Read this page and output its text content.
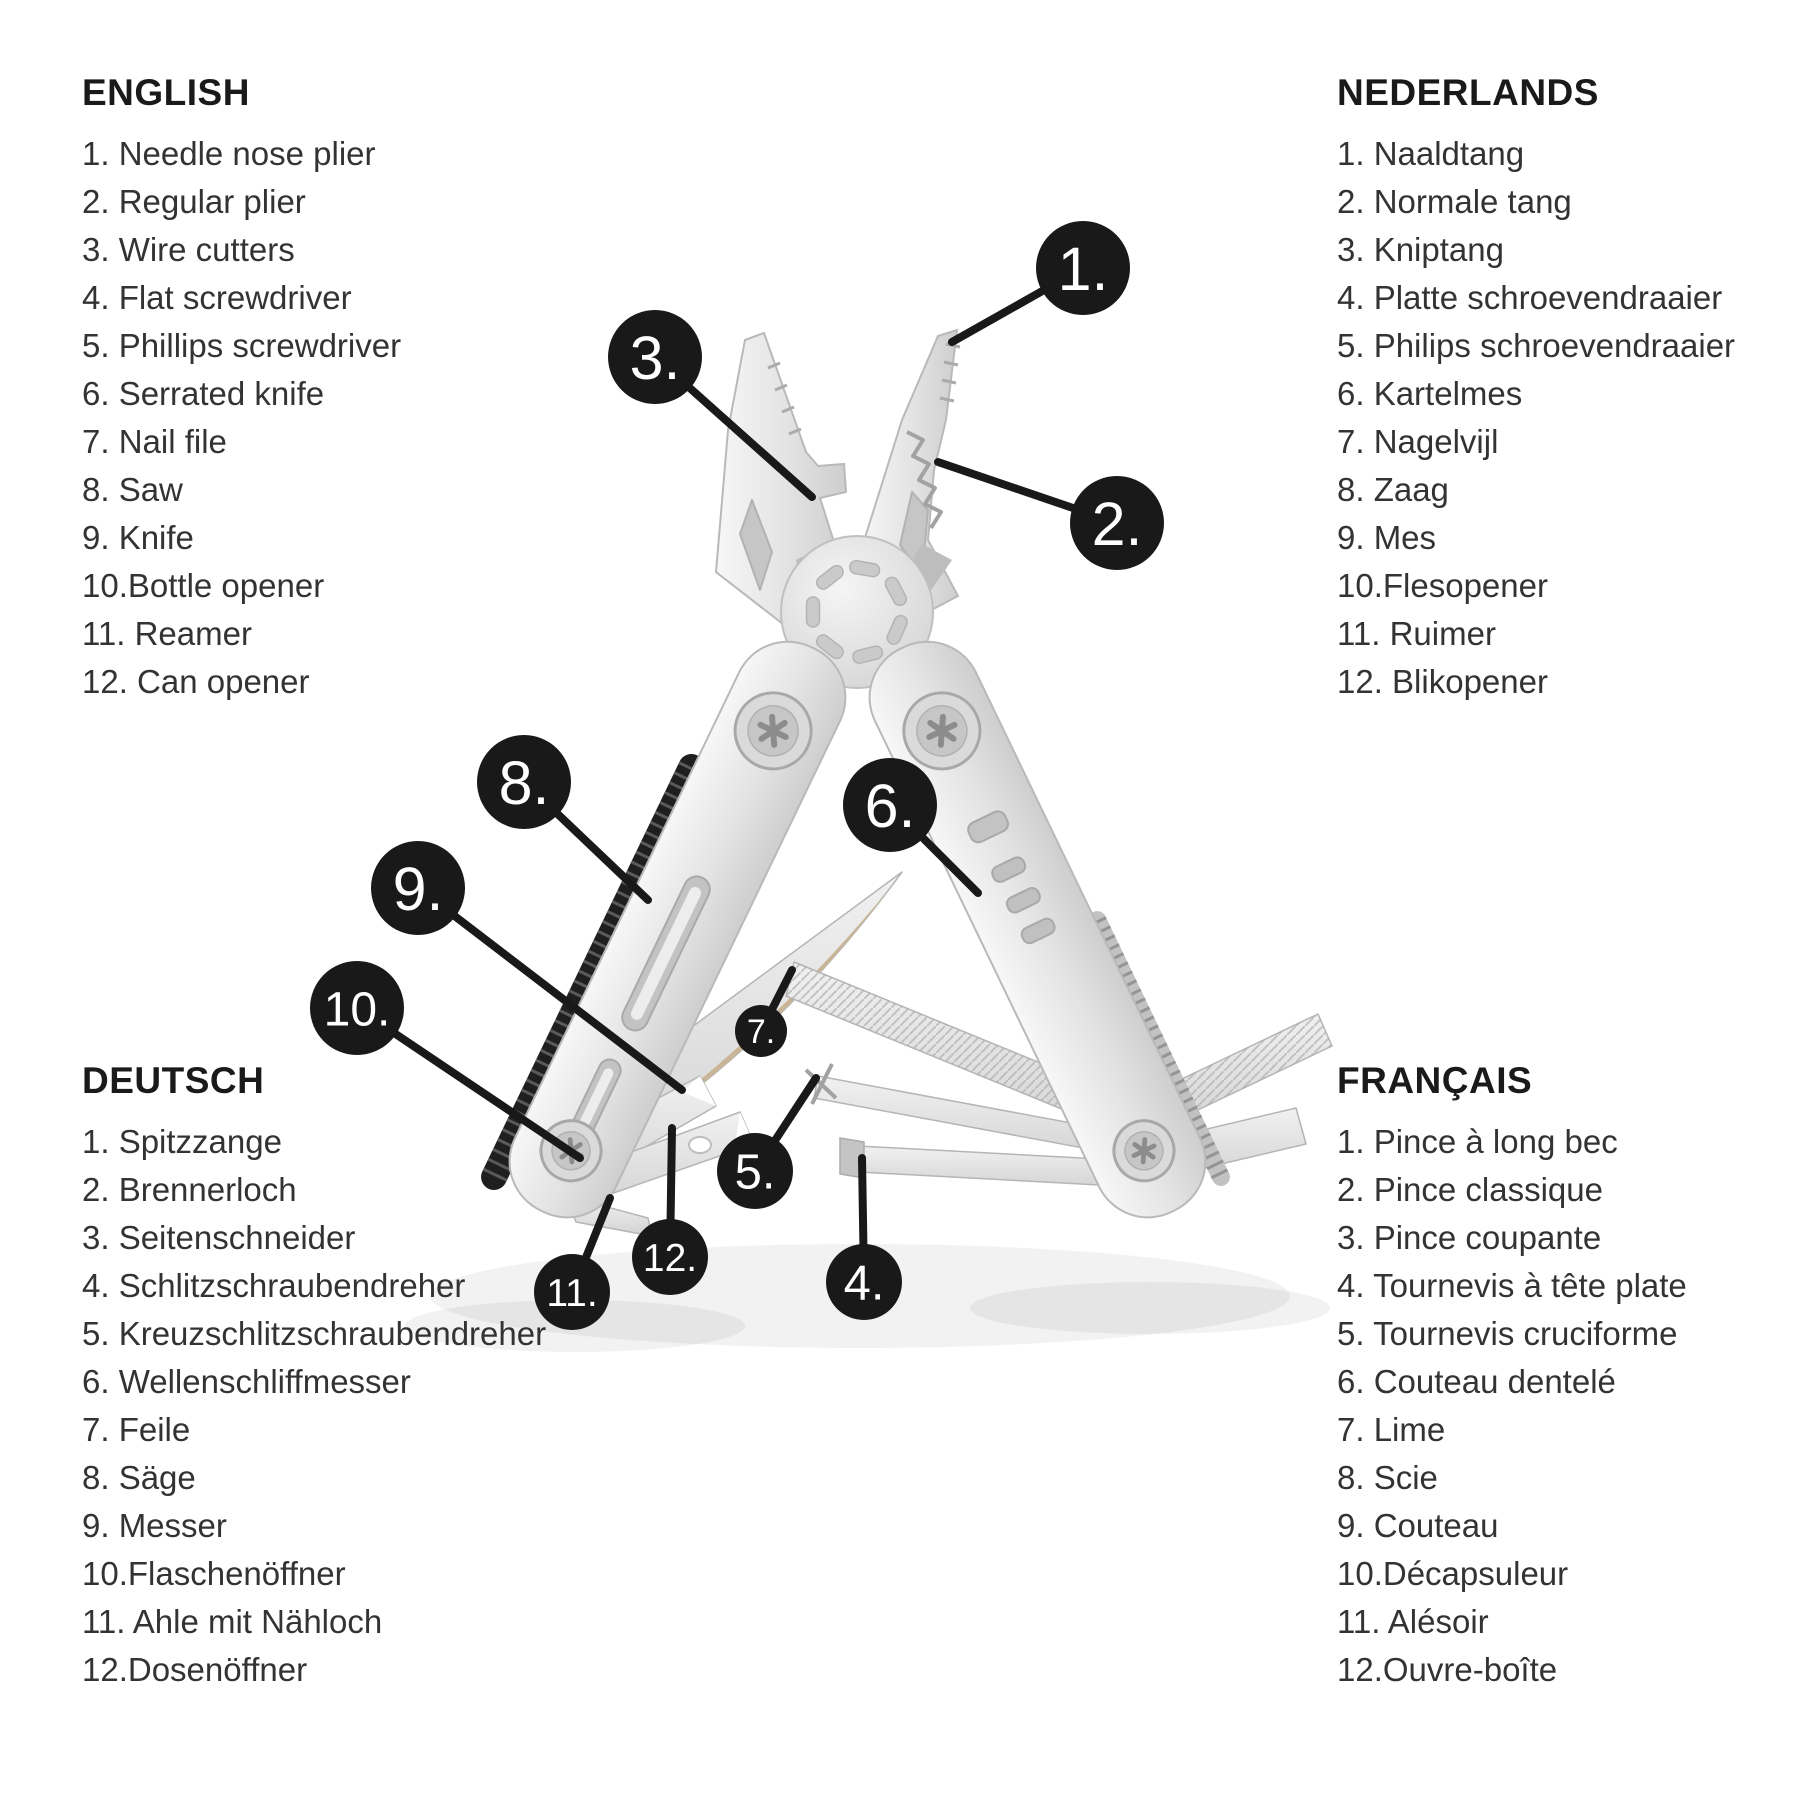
1.
2.
3.
6.
8.
9.
10.	7.
5.
12.
11.	4.
ENGLISH
1. Needle nose plier
2. Regular plier
3. Wire cutters
4. Flat screwdriver
5. Phillips screwdriver
6. Serrated knife
7. Nail file
8. Saw
9. Knife
10.Bottle opener
11. Reamer
12. Can opener
NEDERLANDS
1. Naaldtang
2. Normale tang
3. Kniptang
4. Platte schroevendraaier
5. Philips schroevendraaier
6. Kartelmes
7. Nagelvijl
8. Zaag
9. Mes
10.Flesopener
11. Ruimer
12. Blikopener
DEUTSCH
1. Spitzzange
2. Brennerloch
3. Seitenschneider
4. Schlitzschraubendreher
5. Kreuzschlitzschraubendreher
6. Wellenschliffmesser
7. Feile
8. Säge
9. Messer
10.Flaschenöffner
11. Ahle mit Nähloch
12.Dosenöffner
FRANÇAIS
1. Pince à long bec
2. Pince classique
3. Pince coupante
4. Tournevis à tête plate
5. Tournevis cruciforme
6. Couteau dentelé
7. Lime
8. Scie
9. Couteau
10.Décapsuleur
11. Alésoir
12.Ouvre-boîte
